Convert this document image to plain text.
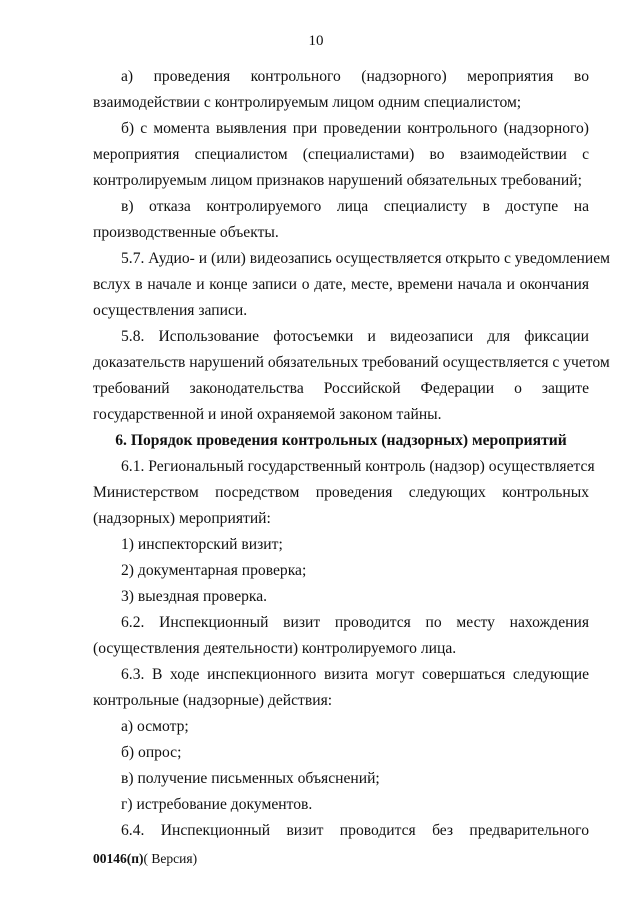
10

а) проведения контрольного (надзорного) мероприятия во
взаимодействии с контролируемым лицом одним специалистом;

б) с момента выявления при проведении контрольного (надзорного)
мероприятия специалистом (специалистами) во взаимодействии с
контролируемым лицом признаков нарушений обязательных требований;

в) отказа контролируемого лица специалисту в доступе на
производственные объекты.

5.7. Аудио- и (или) видеозапись осуществляется открыто с уведомлением
вслух в начале и конце записи о дате, месте, времени начала и окончания
осуществления записи.

5.8. Использование фотосъемки и видеозаписи для фиксации
доказательств нарушений обязательных требований осуществляется с учетом
требований законодательства Российской Федерации о защите
государственной и иной охраняемой законом тайны.

6. Порядок проведения контрольных (надзорных) мероприятий

6.1. Региональный государственный контроль (надзор) осуществляется
Министерством посредством проведения следующих контрольных
(надзорных) мероприятий:

1) инспекторский визит;

2) документарная проверка;

3) выездная проверка.

6.2. Инспекционный визит проводится по месту нахождения
(осуществления деятельности) контролируемого лица.

6.3. В ходе инспекционного визита могут совершаться следующие
контрольные (надзорные) действия:

а) осмотр;

б) опрос;

в) получение письменных объяснений;

г) истребование документов.

6.4. Инспекционный визит проводится без предварительного

00146(п)( Версия)
